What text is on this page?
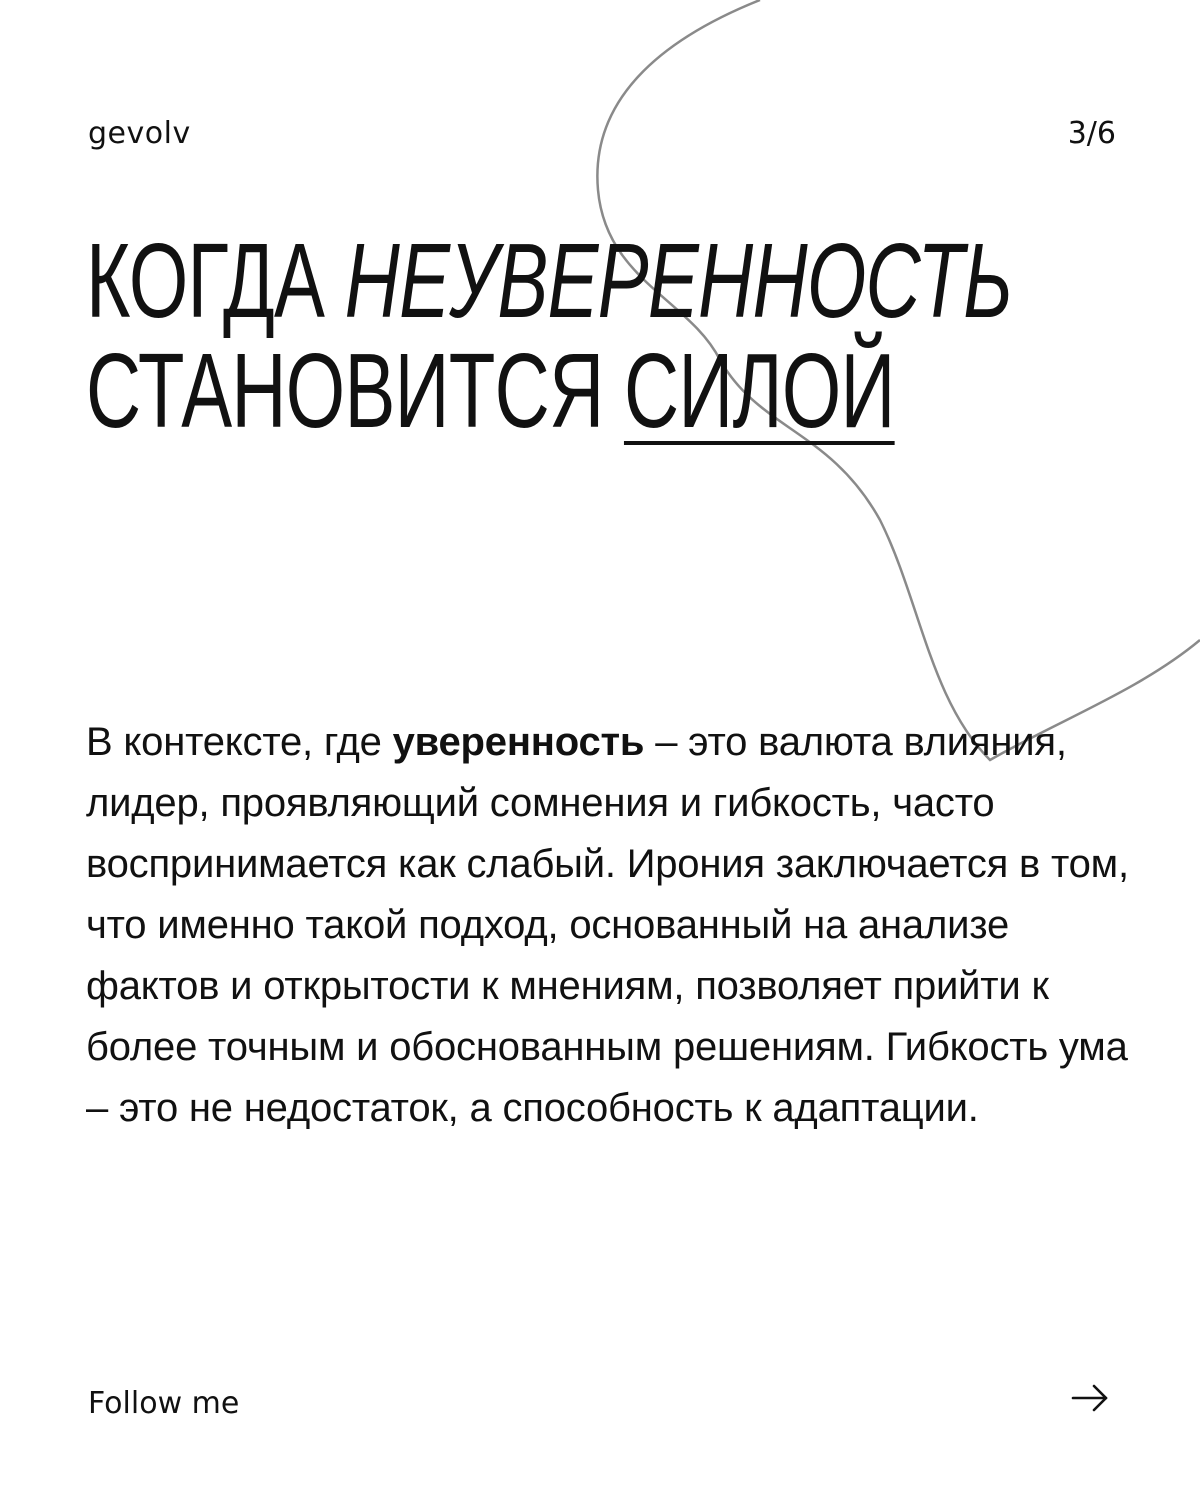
gevolv	3/6
КОГДА НЕУВЕРЕННОСТЬ
СТАНОВИТСЯ СИЛОЙ

В контексте, где уверенность – это валюта влияния, лидер, проявляющий сомнения и гибкость, часто воспринимается как слабый. Ирония заключается в том, что именно такой подход, основанный на анализе фактов и открытости к мнениям, позволяет прийти к более точным и обоснованным решениям. Гибкость ума – это не недостаток, а способность к адаптации.

Follow me
